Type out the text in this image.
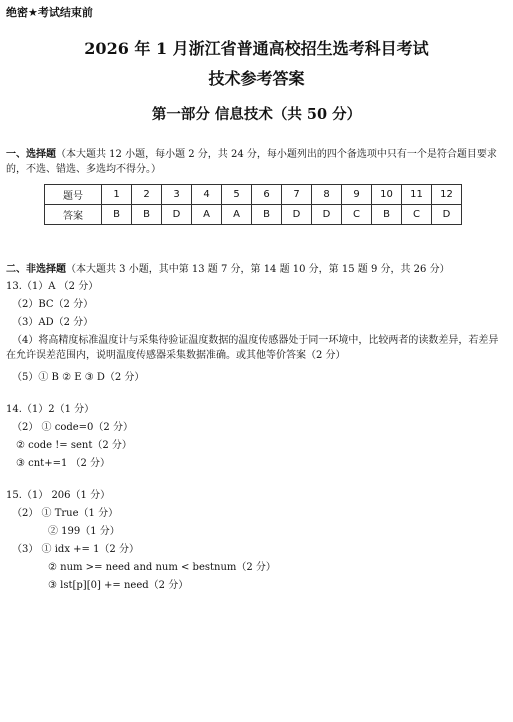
绝密★考试结束前
2026 年 1 月浙江省普通高校招生选考科目考试
技术参考答案
第一部分 信息技术（共 50 分）
一、选择题（本大题共 12 小题，每小题 2 分，共 24 分，每小题列出的四个备选项中只有一个是符合题目要求的，不选、错选、多选均不得分。）
题号	1	2	3	4	5	6	7	8	9	10	11	12
答案	B	B	D	A	A	B	D	D	C	B	C	D
二、非选择题（本大题共 3 小题，其中第 13 题 7 分，第 14 题 10 分，第 15 题 9 分，共 26 分）
13.（1）A （2 分）
（2）BC（2 分）
（3）AD（2 分）
（4）将高精度标准温度计与采集待验证温度数据的温度传感器处于同一环境中，比较两者的读数差异，若差异在允许误差范围内，说明温度传感器采集数据准确。或其他等价答案（2 分）
（5）① B ② E ③ D（2 分）
14.（1）2（1 分）
（2） ① code=0（2 分）
② code != sent（2 分）
③ cnt+=1 （2 分）
15.（1） 206（1 分）
（2） ① True（1 分）
② 199（1 分）
（3） ① idx += 1（2 分）
② num >= need and num < bestnum（2 分）
③ lst[p][0] += need（2 分）
